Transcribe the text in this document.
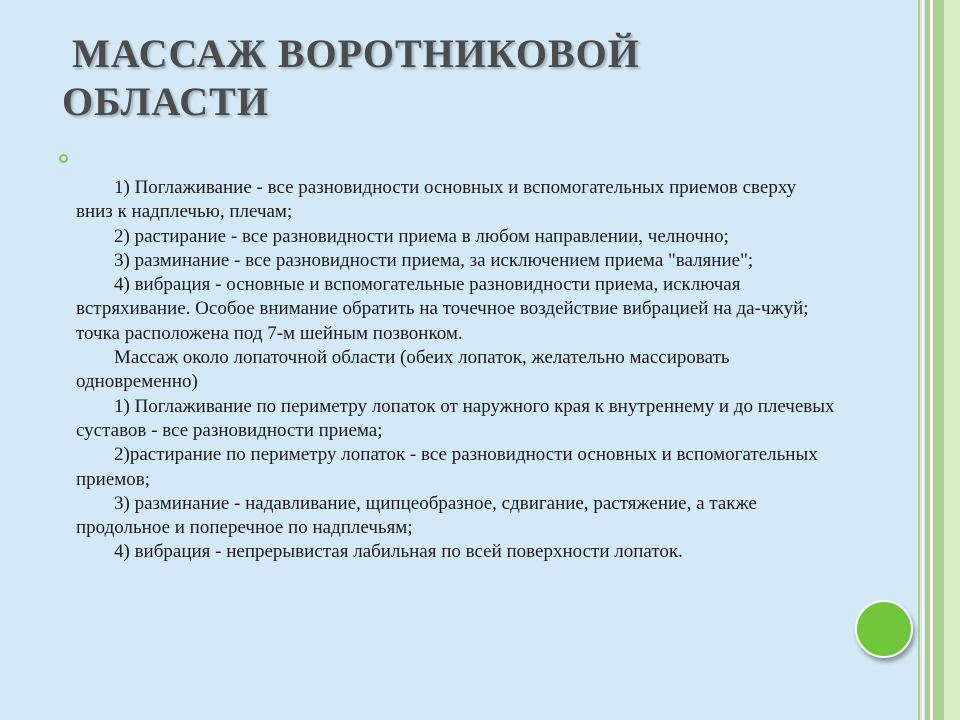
МАССАЖ ВОРОТНИКОВОЙ
ОБЛАСТИ

1) Поглаживание - все разновидности основных и вспомогательных приемов сверху вниз к надплечью, плечам;

2) растирание - все разновидности приема в любом направлении, челночно;

3) разминание - все разновидности приема, за исключением приема "валяние";

4) вибрация - основные и вспомогательные разновидности приема, исключая встряхивание. Особое внимание обратить на точечное воздействие вибрацией на да-чжуй; точка расположена под 7-м шейным позвонком.

Массаж около лопаточной области (обеих лопаток, желательно массировать одновременно)

1) Поглаживание по периметру лопаток от наружного края к внутреннему и до плечевых суставов - все разновидности приема;

2)растирание по периметру лопаток - все разновидности основных и вспомогательных приемов;

3) разминание - надавливание, щипцеобразное, сдвигание, растяжение, а также продольное и поперечное по надплечьям;

4) вибрация - непрерывистая лабильная по всей поверхности лопаток.
